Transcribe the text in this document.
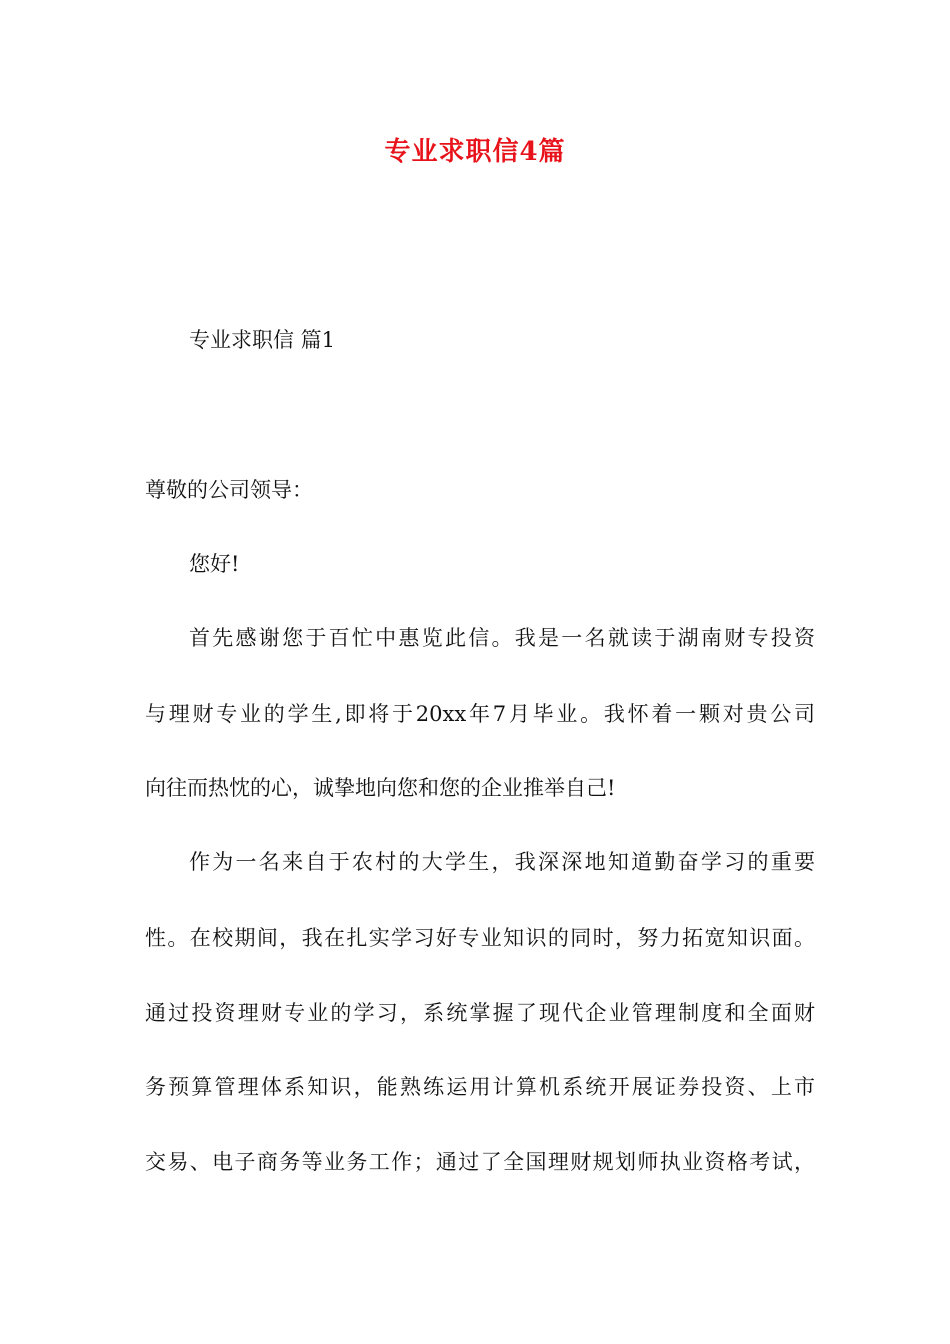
专业求职信4篇
专业求职信 篇1
尊敬的公司领导：
您好!
首先感谢您于百忙中惠览此信。我是一名就读于湖南财专投资
与理财专业的学生,即将于20xx年7月毕业。我怀着一颗对贵公司
向往而热忱的心，诚挚地向您和您的企业推举自己!
作为一名来自于农村的大学生，我深深地知道勤奋学习的重要
性。在校期间，我在扎实学习好专业知识的同时，努力拓宽知识面。
通过投资理财专业的学习，系统掌握了现代企业管理制度和全面财
务预算管理体系知识，能熟练运用计算机系统开展证券投资、上市
交易、电子商务等业务工作；通过了全国理财规划师执业资格考试，
